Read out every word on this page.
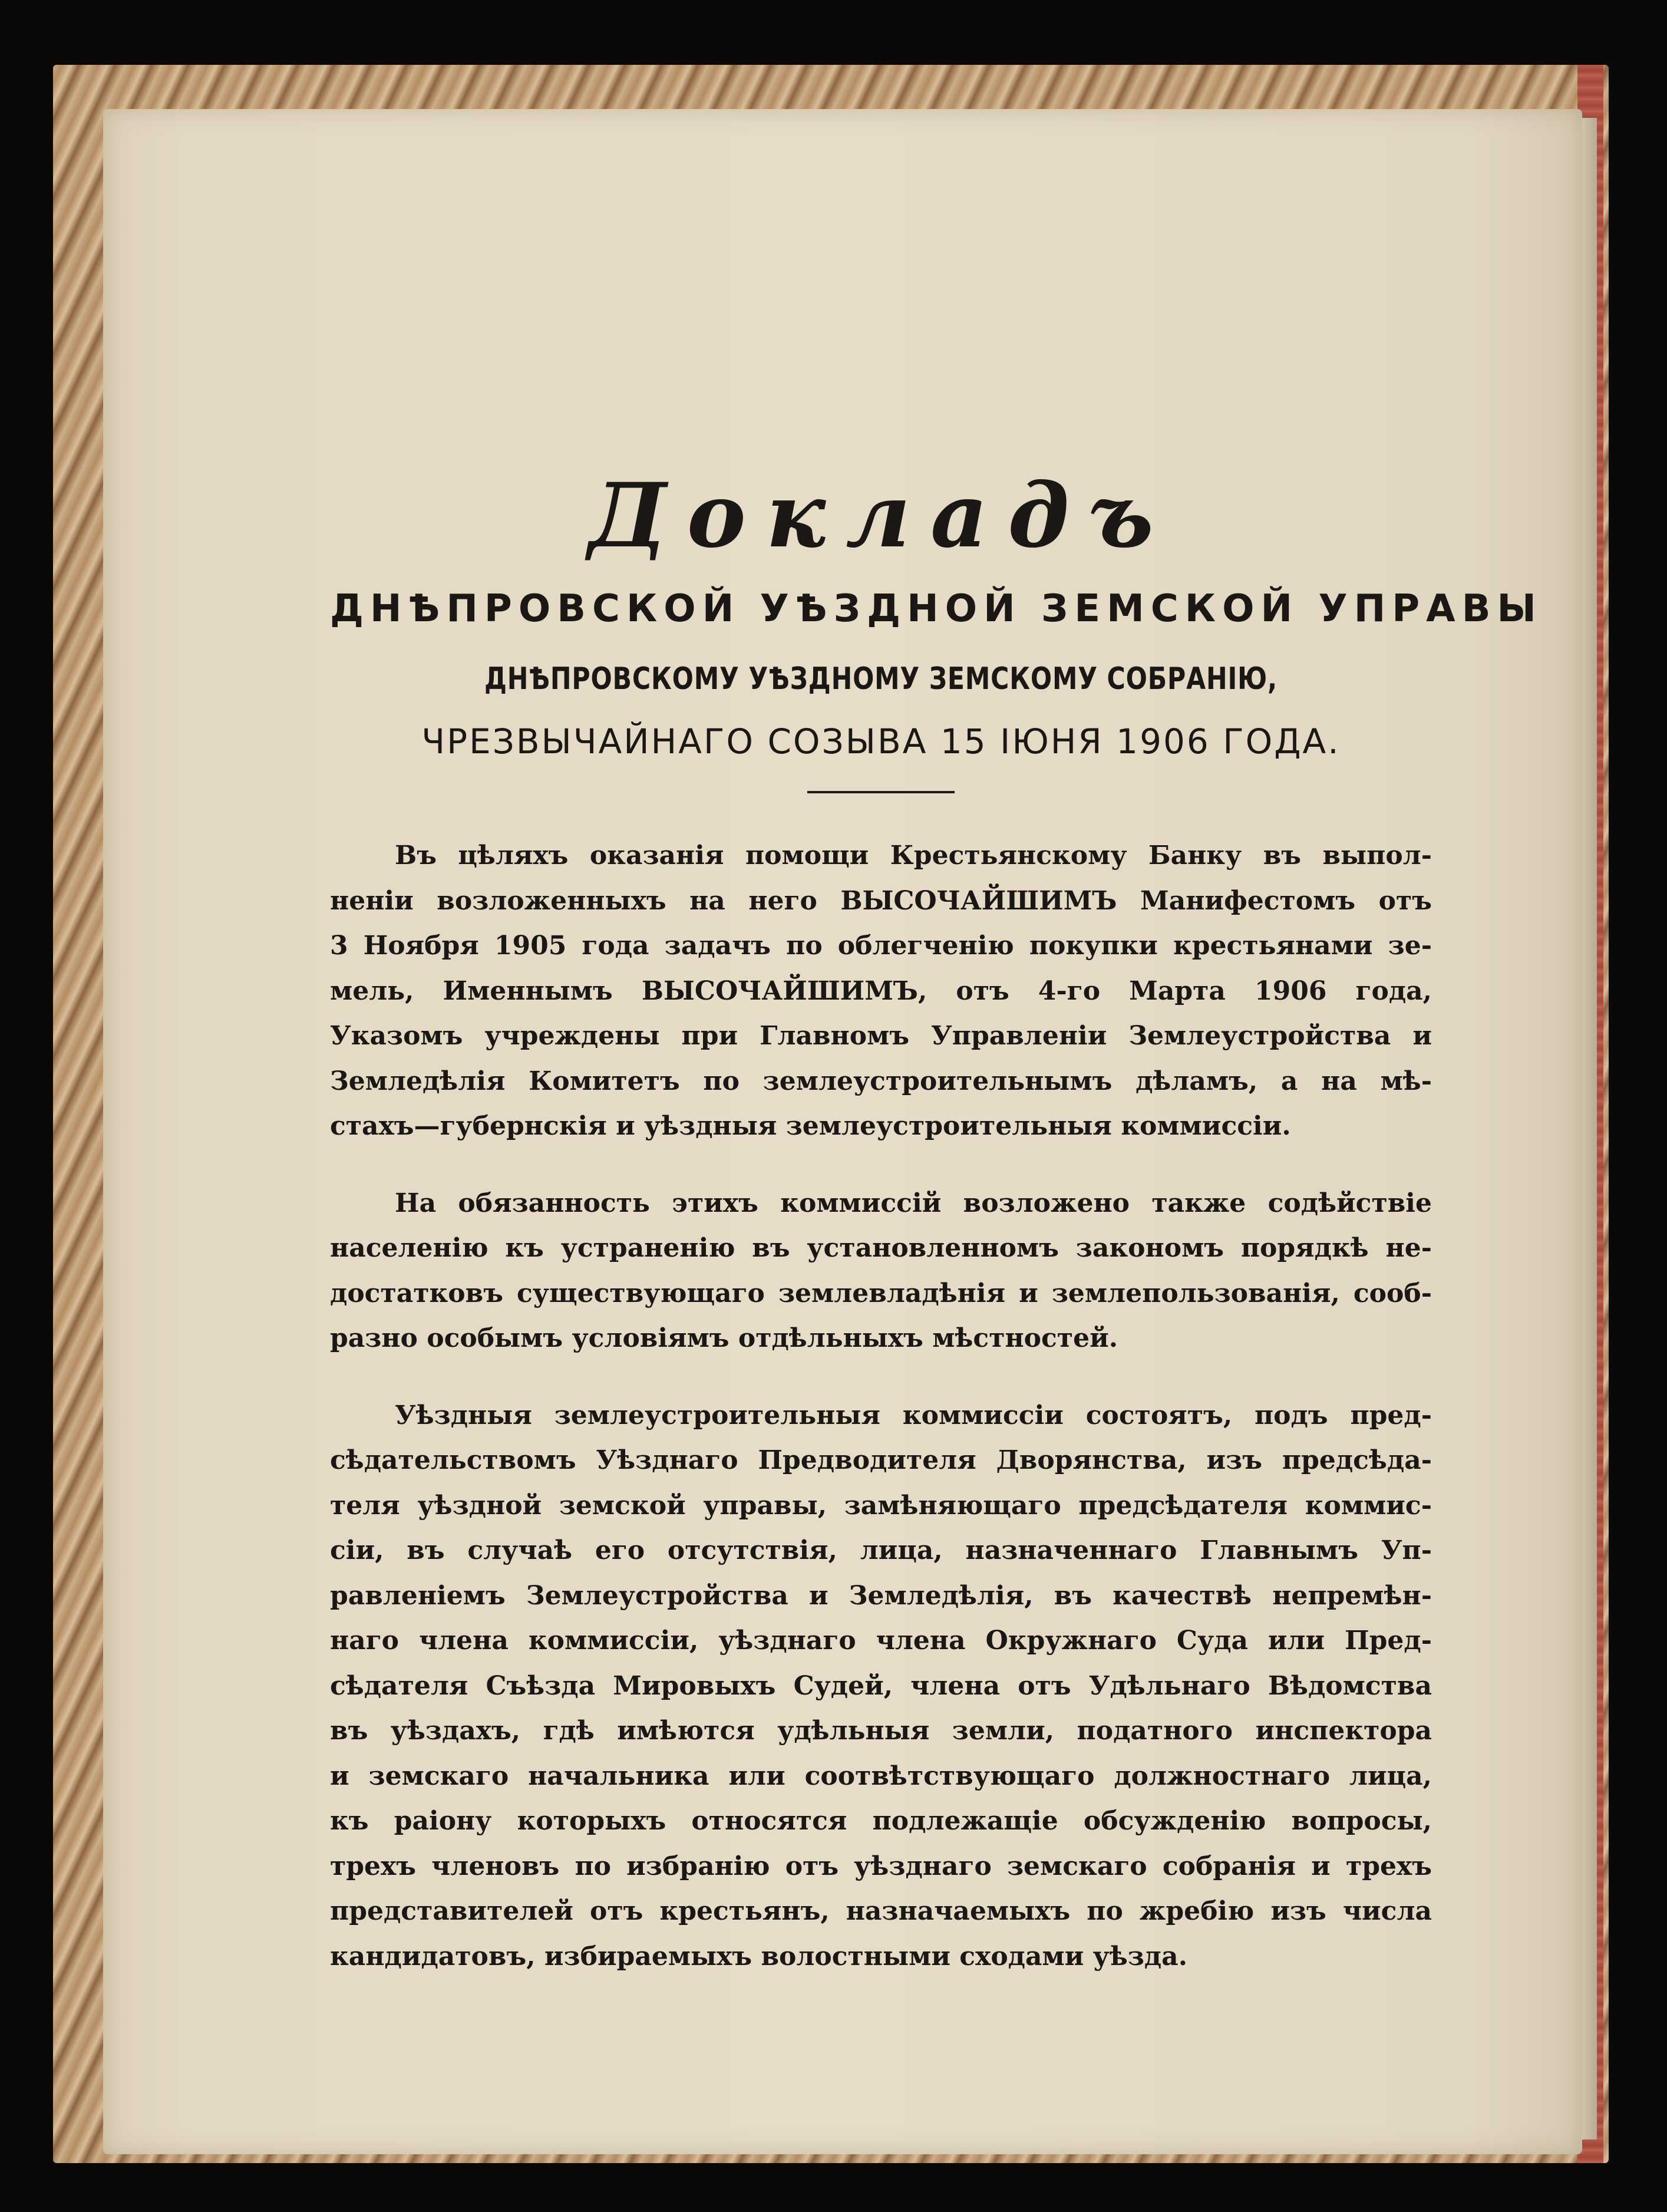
Докладъ
ДНѢПРОВСКОЙ УѢЗДНОЙ ЗЕМСКОЙ УПРАВЫ
ДНѢПРОВСКОМУ УѢЗДНОМУ ЗЕМСКОМУ СОБРАНІЮ,
ЧРЕЗВЫЧАЙНАГО СОЗЫВА 15 ІЮНЯ 1906 ГОДА.
Въ цѣляхъ оказанія помощи Крестьянскому Банку въ выпол-
неніи возложенныхъ на него ВЫСОЧАЙШИМЪ Манифестомъ отъ
3 Ноября 1905 года задачъ по облегченію покупки крестьянами зе-
мель, Именнымъ ВЫСОЧАЙШИМЪ, отъ 4-го Марта 1906 года,
Указомъ учреждены при Главномъ Управленіи Землеустройства и
Земледѣлія Комитетъ по землеустроительнымъ дѣламъ, а на мѣ-
стахъ—губернскія и уѣздныя землеустроительныя коммиссіи.
На обязанность этихъ коммиссій возложено также содѣйствіе
населенію къ устраненію въ установленномъ закономъ порядкѣ не-
достатковъ существующаго землевладѣнія и землепользованія, сооб-
разно особымъ условіямъ отдѣльныхъ мѣстностей.
Уѣздныя землеустроительныя коммиссіи состоятъ, подъ пред-
сѣдательствомъ Уѣзднаго Предводителя Дворянства, изъ предсѣда-
теля уѣздной земской управы, замѣняющаго предсѣдателя коммис-
сіи, въ случаѣ его отсутствія, лица, назначеннаго Главнымъ Уп-
равленіемъ Землеустройства и Земледѣлія, въ качествѣ непремѣн-
наго члена коммиссіи, уѣзднаго члена Окружнаго Суда или Пред-
сѣдателя Съѣзда Мировыхъ Судей, члена отъ Удѣльнаго Вѣдомства
въ уѣздахъ, гдѣ имѣются удѣльныя земли, податного инспектора
и земскаго начальника или соотвѣтствующаго должностнаго лица,
къ раіону которыхъ относятся подлежащіе обсужденію вопросы,
трехъ членовъ по избранію отъ уѣзднаго земскаго собранія и трехъ
представителей отъ крестьянъ, назначаемыхъ по жребію изъ числа
кандидатовъ, избираемыхъ волостными сходами уѣзда.
